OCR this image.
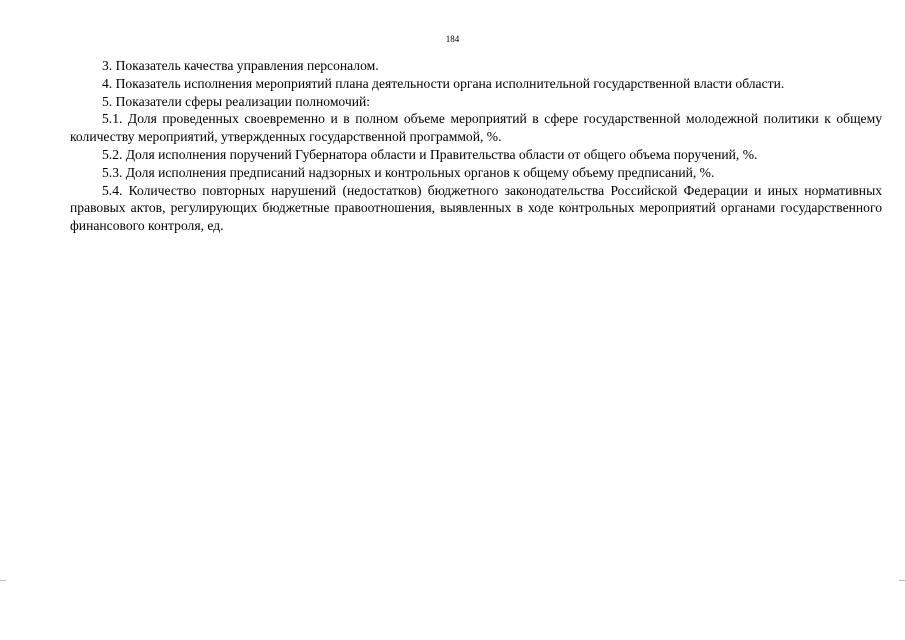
184

3. Показатель качества управления персоналом.

4. Показатель исполнения мероприятий плана деятельности органа исполнительной государственной власти области.

5. Показатели сферы реализации полномочий:

5.1. Доля проведенных своевременно и в полном объеме мероприятий в сфере государственной молодежной политики к общему количеству мероприятий, утвержденных государственной программой, %.

5.2. Доля исполнения поручений Губернатора области и Правительства области от общего объема поручений, %.

5.3. Доля исполнения предписаний надзорных и контрольных органов к общему объему предписаний, %.

5.4. Количество повторных нарушений (недостатков) бюджетного законодательства Российской Федерации и иных нормативных правовых актов, регулирующих бюджетные правоотношения, выявленных в ходе контрольных мероприятий органами государственного финансового контроля, ед.
